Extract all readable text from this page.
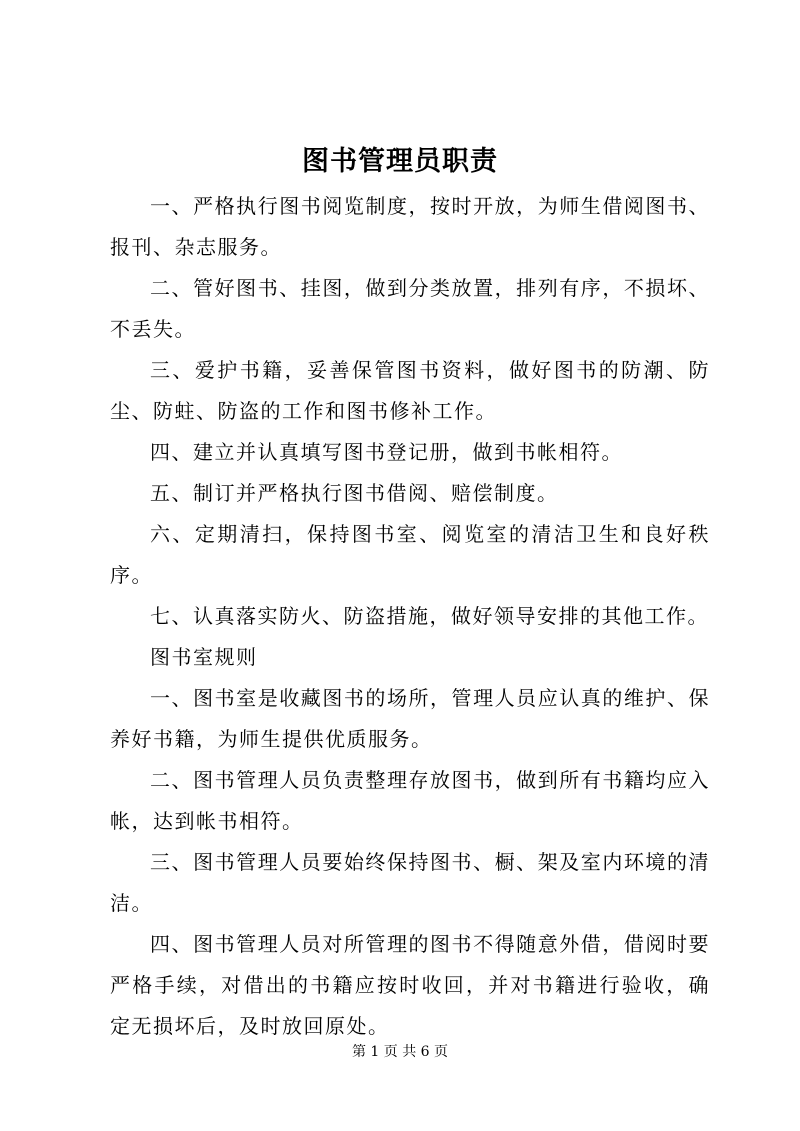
图书管理员职责

一、严格执行图书阅览制度，按时开放，为师生借阅图书、报刊、杂志服务。

二、管好图书、挂图，做到分类放置，排列有序，不损坏、不丢失。

三、爱护书籍，妥善保管图书资料，做好图书的防潮、防尘、防蛀、防盗的工作和图书修补工作。

四、建立并认真填写图书登记册，做到书帐相符。

五、制订并严格执行图书借阅、赔偿制度。

六、定期清扫，保持图书室、阅览室的清洁卫生和良好秩序。

七、认真落实防火、防盗措施，做好领导安排的其他工作。

图书室规则

一、图书室是收藏图书的场所，管理人员应认真的维护、保养好书籍，为师生提供优质服务。

二、图书管理人员负责整理存放图书，做到所有书籍均应入帐，达到帐书相符。

三、图书管理人员要始终保持图书、橱、架及室内环境的清洁。

四、图书管理人员对所管理的图书不得随意外借，借阅时要严格手续，对借出的书籍应按时收回，并对书籍进行验收，确定无损坏后，及时放回原处。

第 1 页 共 6 页
